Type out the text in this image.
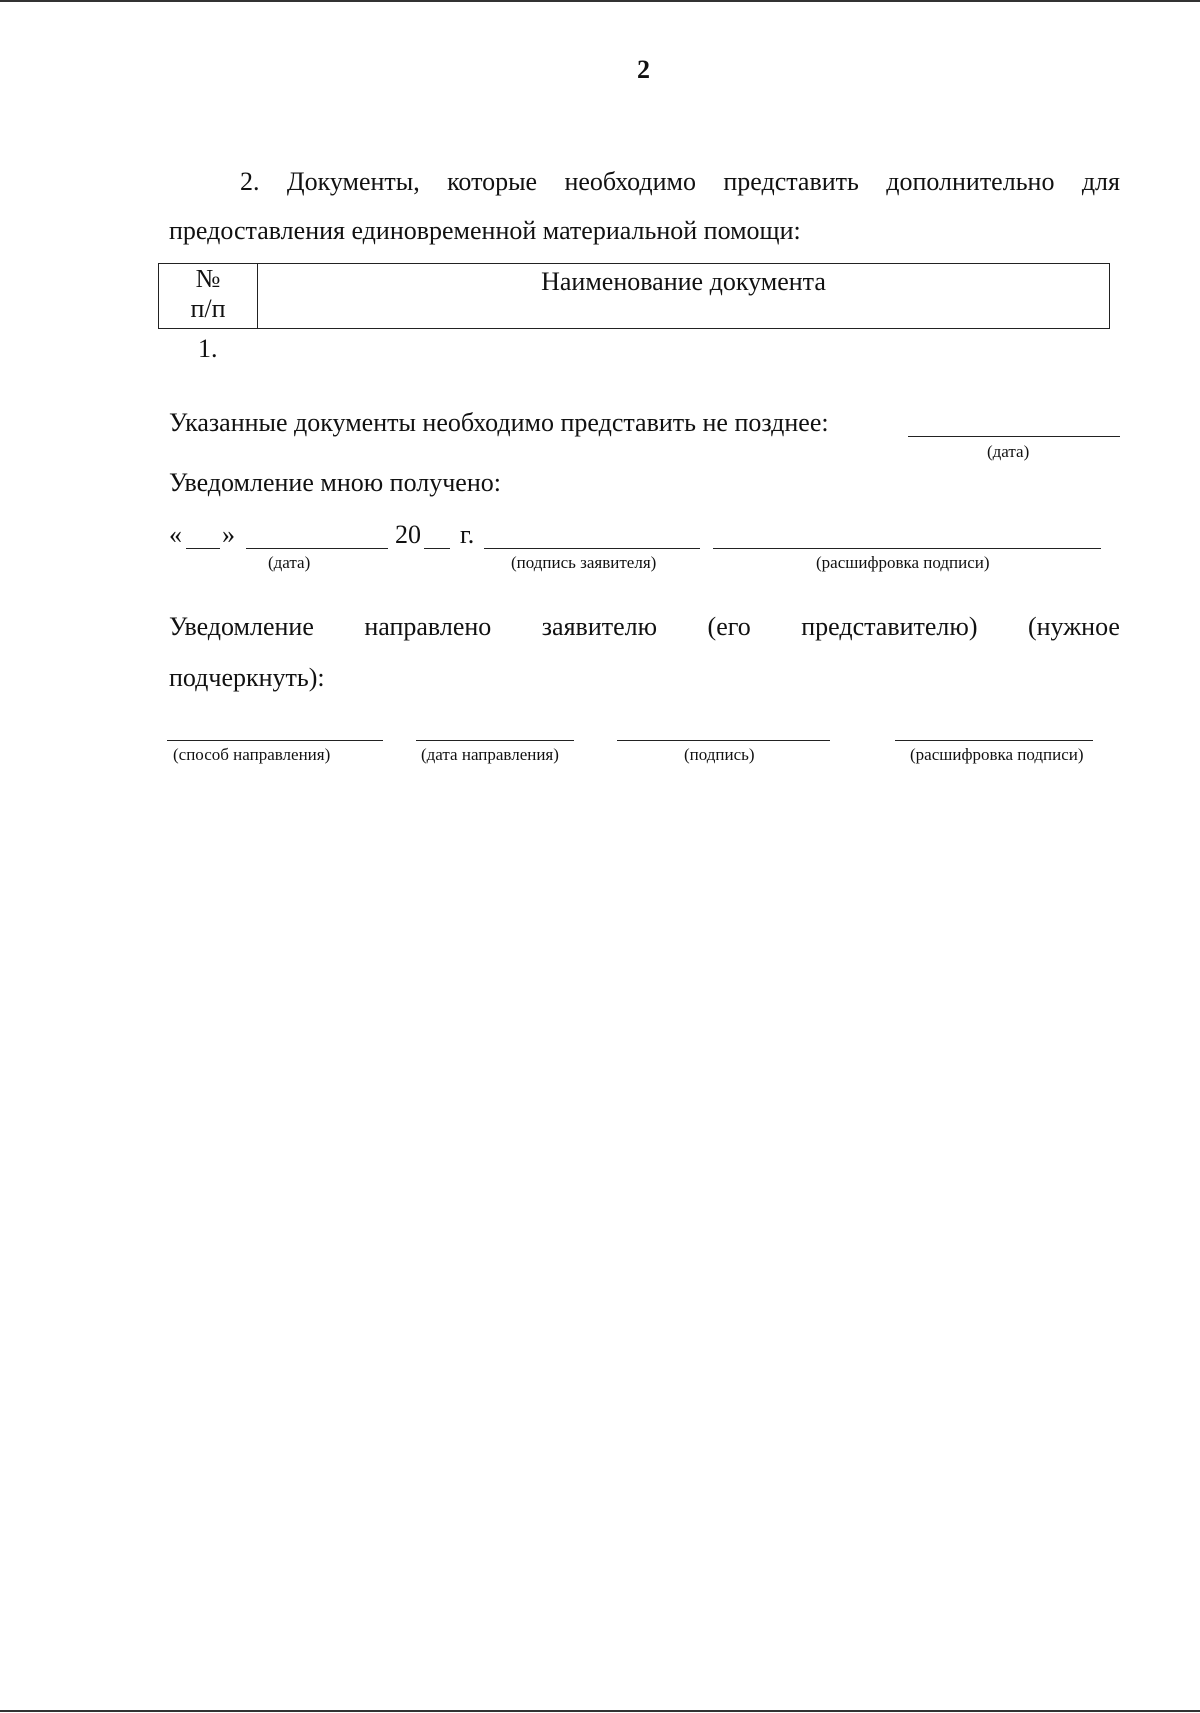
2
2. Документы, которые необходимо представить дополнительно для
предоставления единовременной материальной помощи:
№
п/п
	Наименование документа
1.
Указанные документы необходимо представить не позднее:
(дата)
Уведомление мною получено:
« »	20 г.
(дата)	(подпись заявителя)	(расшифровка подписи)
Уведомление направлено заявителю (его представителю) (нужное
подчеркнуть):
(способ направления)	(дата направления)	(подпись)	(расшифровка подписи)
